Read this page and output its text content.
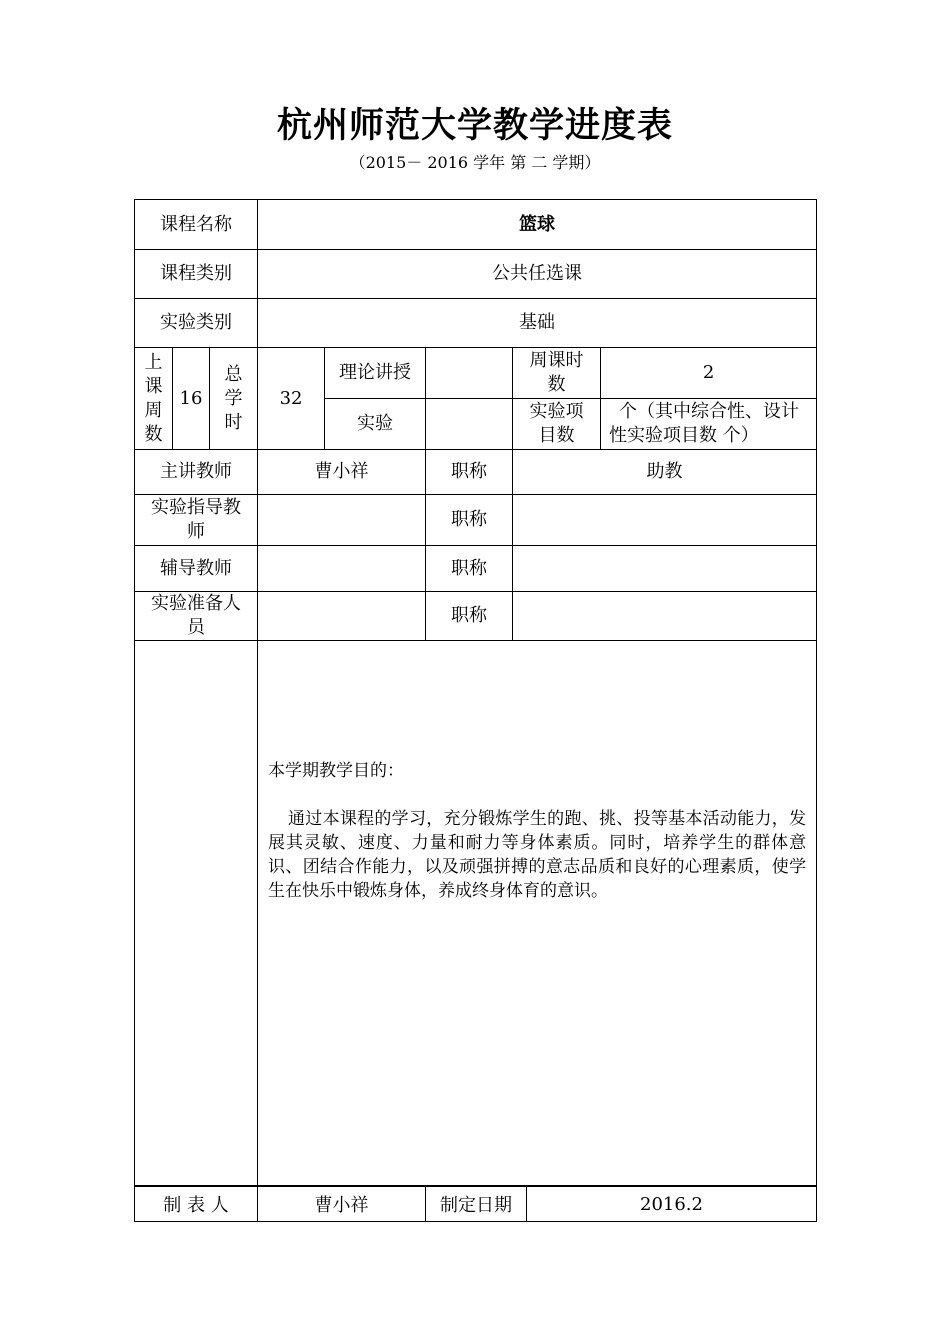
杭州师范大学教学进度表
（2015－ 2016 学年 第 二 学期）
课程名称			篮球				
课程类别			公共任选课				
实验类别			基础				
上课周数	16	总学时	32	理论讲授		周课时数	2
				实验		实验项目数	个（其中综合性、设计性实验项目数 个）
主讲教师			曹小祥		职称	助教	
实验指导教师					职称		
辅导教师					职称		
实验准备人员					职称		

			本学期教学目的：

通过本课程的学习，充分锻炼学生的跑、挑、投等基本活动能力，发展其灵敏、速度、力量和耐力等身体素质。同时，培养学生的群体意识、团结合作能力，以及顽强拼搏的意志品质和良好的心理素质，使学生在快乐中锻炼身体，养成终身体育的意识。				

制 表 人	曹小祥	制定日期	2016.2
